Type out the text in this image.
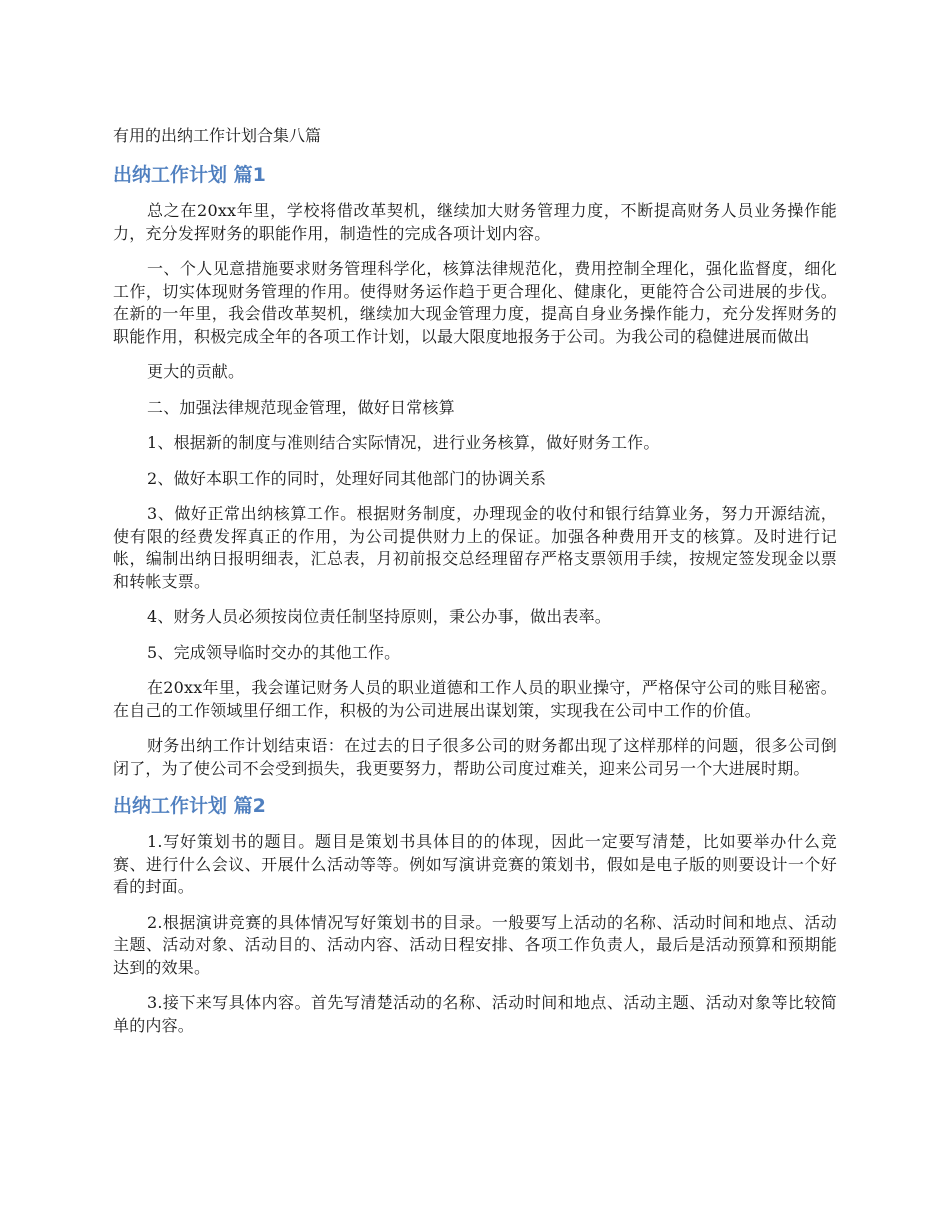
有用的出纳工作计划合集八篇
出纳工作计划 篇1

总之在20xx年里，学校将借改革契机，继续加大财务管理力度，不断提高财务人员业务操作能力，充分发挥财务的职能作用，制造性的完成各项计划内容。

一、个人见意措施要求财务管理科学化，核算法律规范化，费用控制全理化，强化监督度，细化工作，切实体现财务管理的作用。使得财务运作趋于更合理化、健康化，更能符合公司进展的步伐。在新的一年里，我会借改革契机，继续加大现金管理力度，提高自身业务操作能力，充分发挥财务的职能作用，积极完成全年的各项工作计划，以最大限度地报务于公司。为我公司的稳健进展而做出

更大的贡献。

二、加强法律规范现金管理，做好日常核算

1、根据新的制度与准则结合实际情况，进行业务核算，做好财务工作。

2、做好本职工作的同时，处理好同其他部门的协调关系

3、做好正常出纳核算工作。根据财务制度，办理现金的收付和银行结算业务，努力开源结流，使有限的经费发挥真正的作用，为公司提供财力上的保证。加强各种费用开支的核算。及时进行记帐，编制出纳日报明细表，汇总表，月初前报交总经理留存严格支票领用手续，按规定签发现金以票和转帐支票。

4、财务人员必须按岗位责任制坚持原则，秉公办事，做出表率。

5、完成领导临时交办的其他工作。

在20xx年里，我会谨记财务人员的职业道德和工作人员的职业操守，严格保守公司的账目秘密。在自己的工作领域里仔细工作，积极的为公司进展出谋划策，实现我在公司中工作的价值。

财务出纳工作计划结束语：在过去的日子很多公司的财务都出现了这样那样的问题，很多公司倒闭了，为了使公司不会受到损失，我更要努力，帮助公司度过难关，迎来公司另一个大进展时期。

出纳工作计划 篇2

1.写好策划书的题目。题目是策划书具体目的的体现，因此一定要写清楚，比如要举办什么竞赛、进行什么会议、开展什么活动等等。例如写演讲竞赛的策划书，假如是电子版的则要设计一个好看的封面。

2.根据演讲竞赛的具体情况写好策划书的目录。一般要写上活动的名称、活动时间和地点、活动主题、活动对象、活动目的、活动内容、活动日程安排、各项工作负责人，最后是活动预算和预期能达到的效果。

3.接下来写具体内容。首先写清楚活动的名称、活动时间和地点、活动主题、活动对象等比较简单的内容。
